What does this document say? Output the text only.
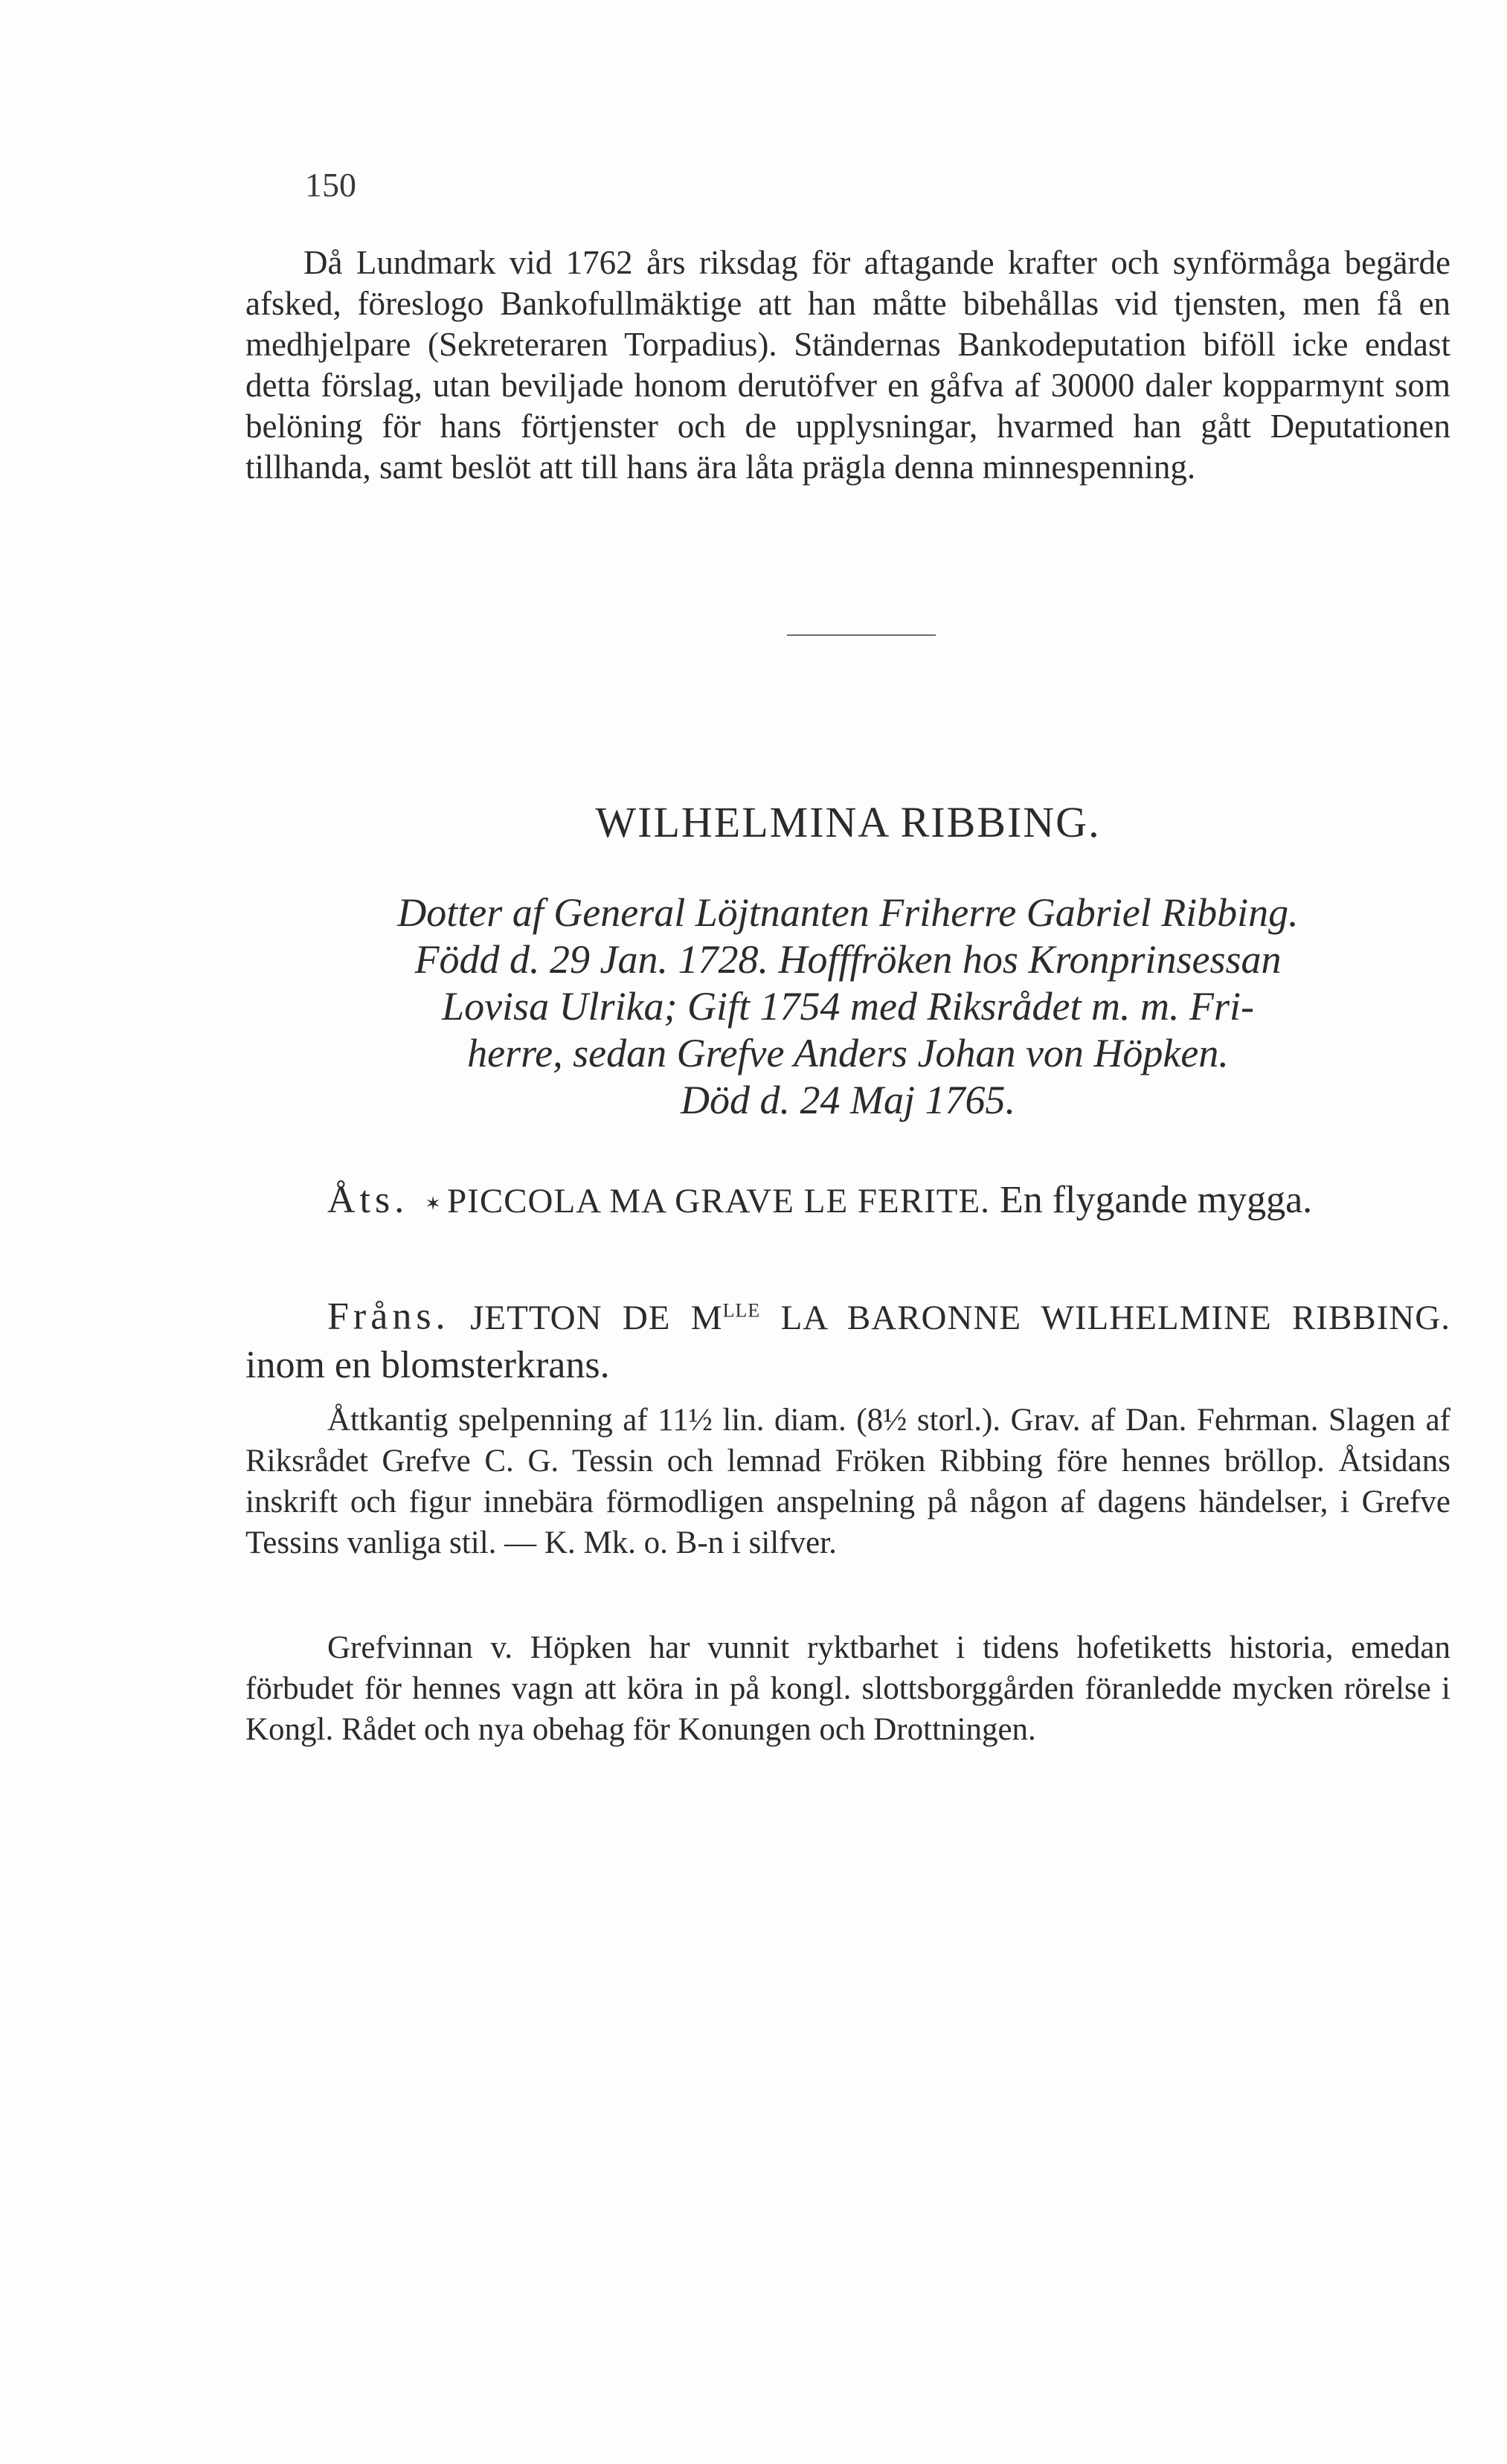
150

Då Lundmark vid 1762 års riksdag för aftagande krafter och synförmåga begärde afsked, föreslogo Bankofullmäktige att han måtte bibehållas vid tjensten, men få en medhjelpare (Sekreteraren Torpadius). Ständernas Bankodeputation biföll icke endast detta förslag, utan beviljade honom derutöfver en gåfva af 30000 daler kopparmynt som belöning för hans förtjenster och de upplysningar, hvarmed han gått Deputationen tillhanda, samt beslöt att till hans ära låta prägla denna minnespenning.

WILHELMINA RIBBING.

Dotter af General Löjtnanten Friherre Gabriel Ribbing.

Född d. 29 Jan. 1728. Hofffröken hos Kronprinsessan

Lovisa Ulrika; Gift 1754 med Riksrådet m. m. Fri-

herre, sedan Grefve Anders Johan von Höpken.

Död d. 24 Maj 1765.

Åts. ✶ PICCOLA MA GRAVE LE FERITE. En flygande mygga.

Fråns. JETTON DE $M^{LLE}$ LA BARONNE WILHELMINE RIBBING. inom en blomsterkrans.

Åttkantig spelpenning af 11½ lin. diam. (8½ storl.). Grav. af Dan. Fehrman. Slagen af Riksrådet Grefve C. G. Tessin och lemnad Fröken Ribbing före hennes bröllop. Åtsidans inskrift och figur innebära förmodligen anspelning på någon af dagens händelser, i Grefve Tessins vanliga stil. — K. Mk. o. B-n i silfver.

Grefvinnan v. Höpken har vunnit ryktbarhet i tidens hofetiketts historia, emedan förbudet för hennes vagn att köra in på kongl. slottsborggården föranledde mycken rörelse i Kongl. Rådet och nya obehag för Konungen och Drottningen.
